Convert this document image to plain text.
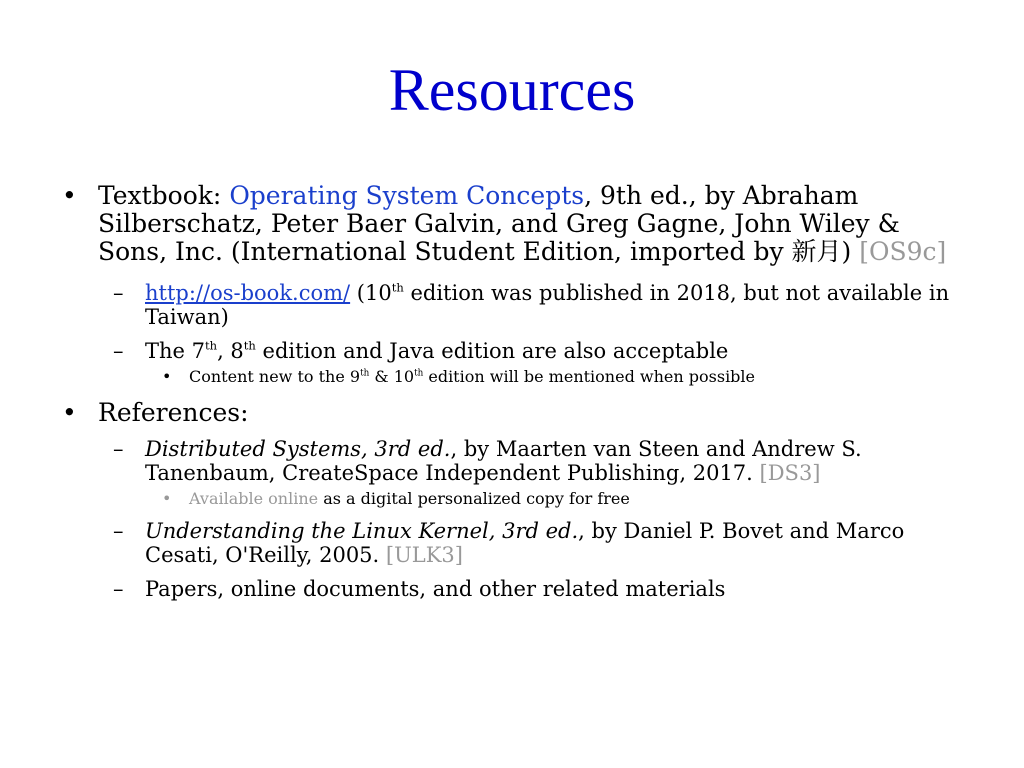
Resources
• Textbook: Operating System Concepts, 9th ed., by Abraham Silberschatz, Peter Baer Galvin, and Greg Gagne, John Wiley & Sons, Inc. (International Student Edition, imported by 新月) [OS9c]
– http://os-book.com/ (10th edition was published in 2018, but not available in Taiwan)
– The 7th, 8th edition and Java edition are also acceptable
• Content new to the 9th & 10th edition will be mentioned when possible
• References:
– Distributed Systems, 3rd ed., by Maarten van Steen and Andrew S. Tanenbaum, CreateSpace Independent Publishing, 2017. [DS3]
• Available online as a digital personalized copy for free
– Understanding the Linux Kernel, 3rd ed., by Daniel P. Bovet and Marco Cesati, O'Reilly, 2005. [ULK3]
– Papers, online documents, and other related materials
